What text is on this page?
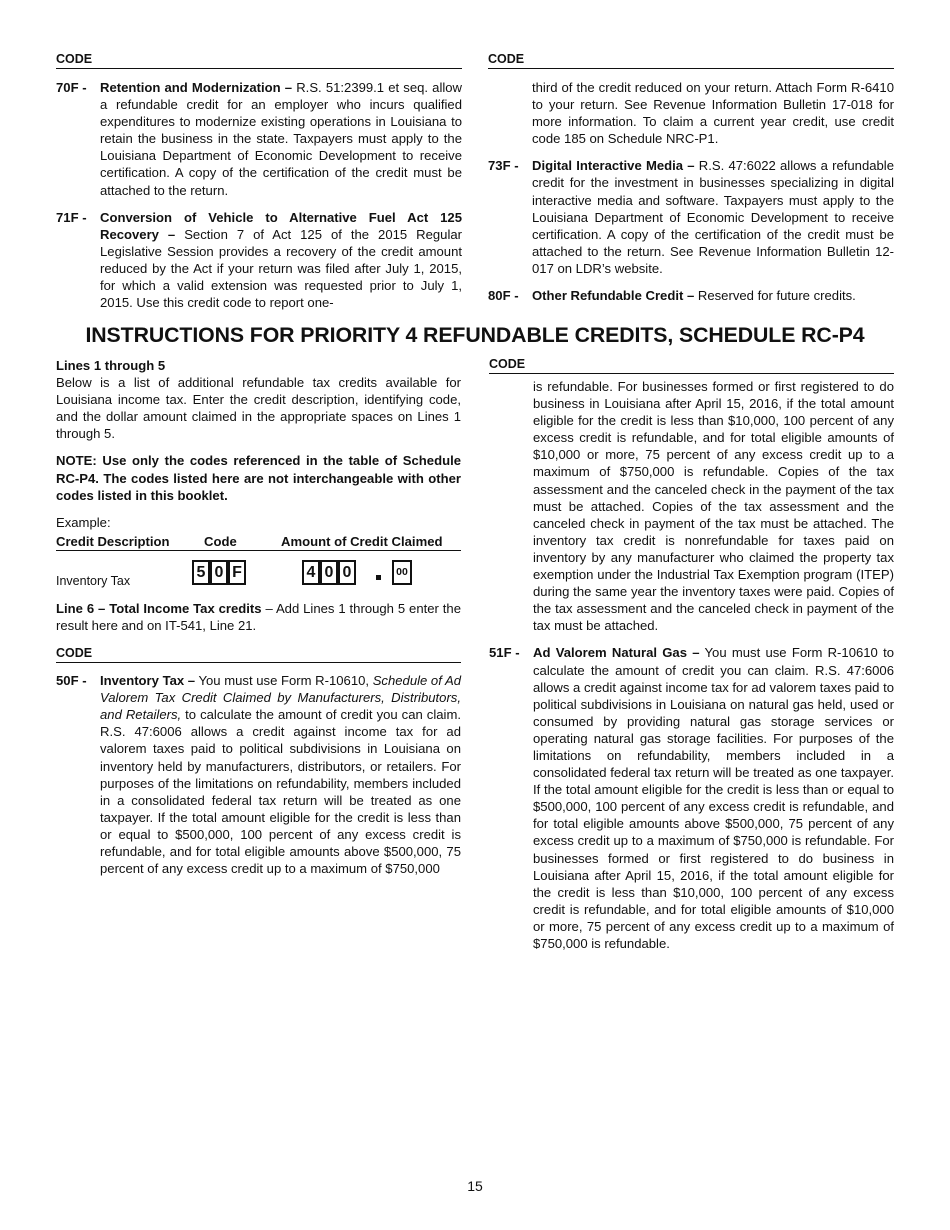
CODE
70F - Retention and Modernization – R.S. 51:2399.1 et seq. allow a refundable credit for an employer who incurs qualified expenditures to modernize existing operations in Louisiana to retain the business in the state. Taxpayers must apply to the Louisiana Department of Economic Development to receive certification. A copy of the certification of the credit must be attached to the return.
71F - Conversion of Vehicle to Alternative Fuel Act 125 Recovery – Section 7 of Act 125 of the 2015 Regular Legislative Session provides a recovery of the credit amount reduced by the Act if your return was filed after July 1, 2015, for which a valid extension was requested prior to July 1, 2015. Use this credit code to report one-
CODE
third of the credit reduced on your return. Attach Form R-6410 to your return. See Revenue Information Bulletin 17-018 for more information. To claim a current year credit, use credit code 185 on Schedule NRC-P1.
73F - Digital Interactive Media – R.S. 47:6022 allows a refundable credit for the investment in businesses specializing in digital interactive media and software. Taxpayers must apply to the Louisiana Department of Economic Development to receive certification. A copy of the certification of the credit must be attached to the return. See Revenue Information Bulletin 12-017 on LDR’s website.
80F - Other Refundable Credit – Reserved for future credits.
INSTRUCTIONS FOR PRIORITY 4 REFUNDABLE CREDITS, SCHEDULE RC-P4

Lines 1 through 5

Below is a list of additional refundable tax credits available for Louisiana income tax. Enter the credit description, identifying code, and the dollar amount claimed in the appropriate spaces on Lines 1 through 5.

NOTE: Use only the codes referenced in the table of Schedule RC-P4. The codes listed here are not interchangeable with other codes listed in this booklet.

Example:

Credit Description	Code	Amount of Credit Claimed
Inventory Tax	5 0 F	4 0 0	00

Line 6 – Total Income Tax credits – Add Lines 1 through 5 enter the result here and on IT-541, Line 21.

CODE
50F - Inventory Tax – You must use Form R-10610, Schedule of Ad Valorem Tax Credit Claimed by Manufacturers, Distributors, and Retailers, to calculate the amount of credit you can claim. R.S. 47:6006 allows a credit against income tax for ad valorem taxes paid to political subdivisions in Louisiana on inventory held by manufacturers, distributors, or retailers. For purposes of the limitations on refundability, members included in a consolidated federal tax return will be treated as one taxpayer. If the total amount eligible for the credit is less than or equal to $500,000, 100 percent of any excess credit is refundable, and for total eligible amounts above $500,000, 75 percent of any excess credit up to a maximum of $750,000
CODE
is refundable. For businesses formed or first registered to do business in Louisiana after April 15, 2016, if the total amount eligible for the credit is less than $10,000, 100 percent of any excess credit is refundable, and for total eligible amounts of $10,000 or more, 75 percent of any excess credit up to a maximum of $750,000 is refundable. Copies of the tax assessment and the canceled check in the payment of the tax must be attached. Copies of the tax assessment and the canceled check in payment of the tax must be attached. The inventory tax credit is nonrefundable for taxes paid on inventory by any manufacturer who claimed the property tax exemption under the Industrial Tax Exemption program (ITEP) during the same year the inventory taxes were paid. Copies of the tax assessment and the canceled check in payment of the tax must be attached.
51F - Ad Valorem Natural Gas – You must use Form R-10610 to calculate the amount of credit you can claim. R.S. 47:6006 allows a credit against income tax for ad valorem taxes paid to political subdivisions in Louisiana on natural gas held, used or consumed by providing natural gas storage services or operating natural gas storage facilities. For purposes of the limitations on refundability, members included in a consolidated federal tax return will be treated as one taxpayer. If the total amount eligible for the credit is less than or equal to $500,000, 100 percent of any excess credit is refundable, and for total eligible amounts above $500,000, 75 percent of any excess credit up to a maximum of $750,000 is refundable. For businesses formed or first registered to do business in Louisiana after April 15, 2016, if the total amount eligible for the credit is less than $10,000, 100 percent of any excess credit is refundable, and for total eligible amounts of $10,000 or more, 75 percent of any excess credit up to a maximum of $750,000 is refundable.
15
